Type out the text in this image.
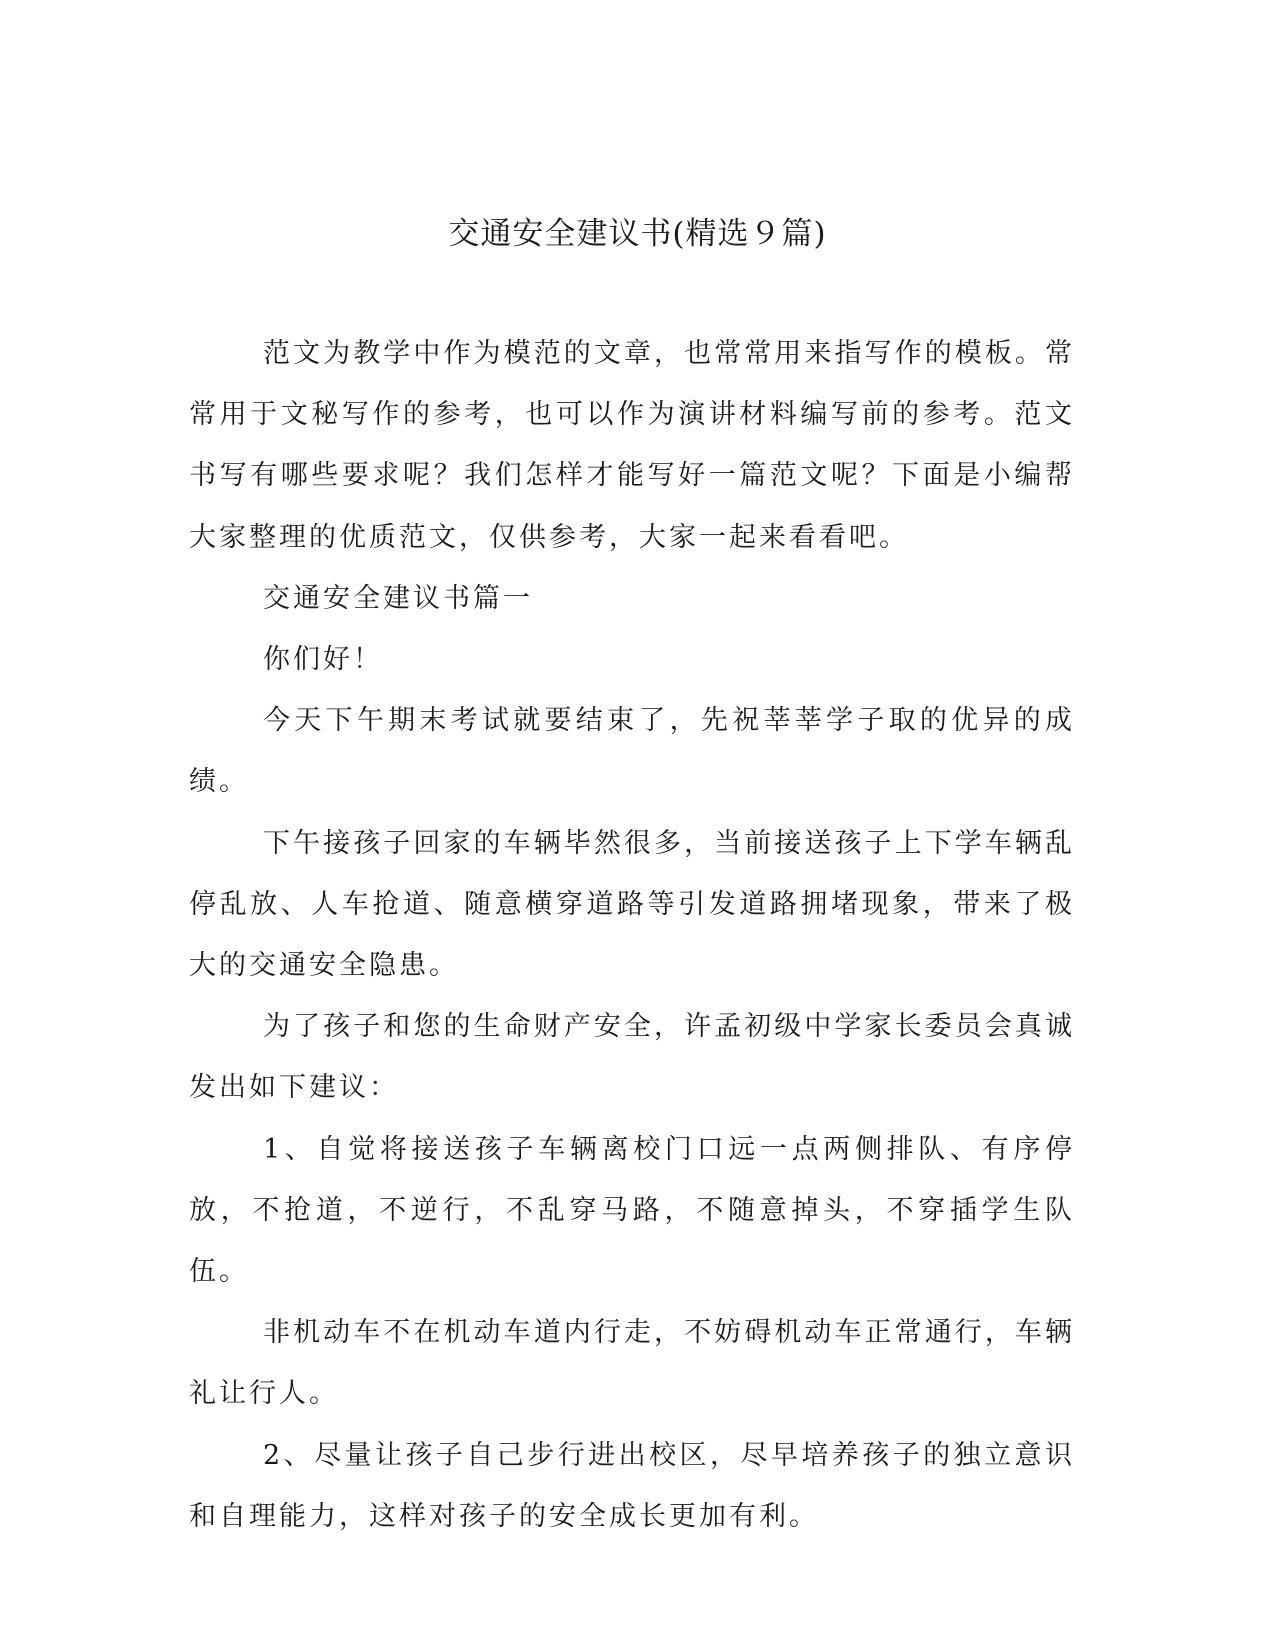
交通安全建议书(精选９篇)

范文为教学中作为模范的文章，也常常用来指写作的模板。常常用于文秘写作的参考，也可以作为演讲材料编写前的参考。范文书写有哪些要求呢？我们怎样才能写好一篇范文呢？下面是小编帮大家整理的优质范文，仅供参考，大家一起来看看吧。

交通安全建议书篇一

你们好！

今天下午期末考试就要结束了，先祝莘莘学子取的优异的成绩。

下午接孩子回家的车辆毕然很多，当前接送孩子上下学车辆乱停乱放、人车抢道、随意横穿道路等引发道路拥堵现象，带来了极大的交通安全隐患。

为了孩子和您的生命财产安全，许孟初级中学家长委员会真诚发出如下建议：

1、自觉将接送孩子车辆离校门口远一点两侧排队、有序停放，不抢道，不逆行，不乱穿马路，不随意掉头，不穿插学生队伍。

非机动车不在机动车道内行走，不妨碍机动车正常通行，车辆礼让行人。

2、尽量让孩子自己步行进出校区，尽早培养孩子的独立意识和自理能力，这样对孩子的安全成长更加有利。
